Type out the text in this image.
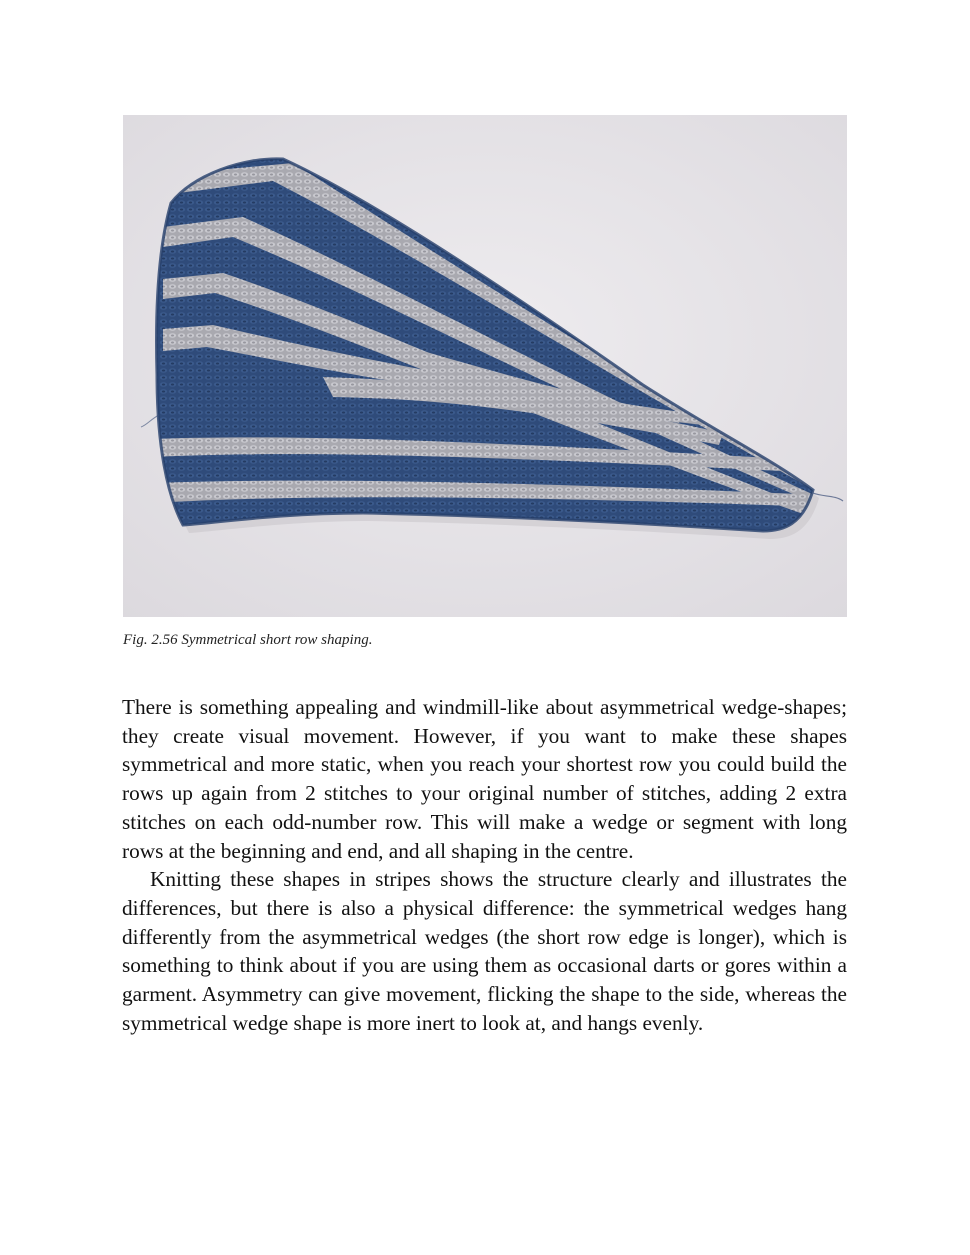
Fig. 2.56 Symmetrical short row shaping.

There is something appealing and windmill-like about asymmetrical wedge-shapes; they create visual movement. However, if you want to make these shapes symmetrical and more static, when you reach your shortest row you could build the rows up again from 2 stitches to your original number of stitches, adding 2 extra stitches on each odd-number row. This will make a wedge or segment with long rows at the beginning and end, and all shaping in the centre.

Knitting these shapes in stripes shows the structure clearly and illustrates the differences, but there is also a physical difference: the symmetrical wedges hang differently from the asymmetrical wedges (the short row edge is longer), which is something to think about if you are using them as occasional darts or gores within a garment. Asymmetry can give movement, flicking the shape to the side, whereas the symmetrical wedge shape is more inert to look at, and hangs evenly.
